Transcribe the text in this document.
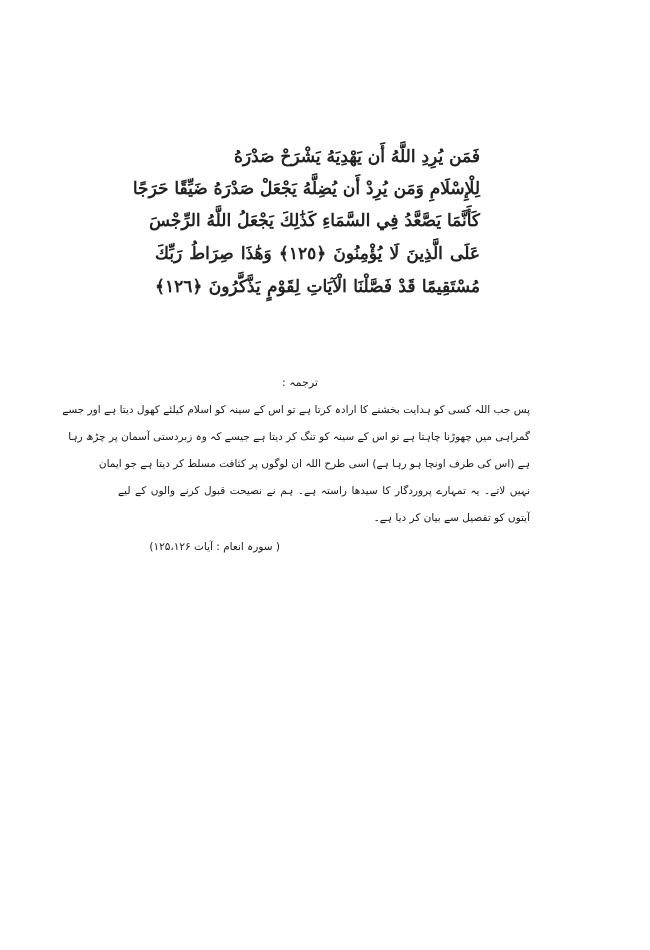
فَمَن يُرِدِ اللَّهُ أَن يَهْدِيَهُ يَشْرَحْ صَدْرَهُ
لِلْإِسْلَامِ وَمَن يُرِدْ أَن يُضِلَّهُ يَجْعَلْ صَدْرَهُ ضَيِّقًا حَرَجًا
كَأَنَّمَا يَصَّعَّدُ فِي السَّمَاءِ كَذَٰلِكَ يَجْعَلُ اللَّهُ الرِّجْسَ
عَلَى الَّذِينَ لَا يُؤْمِنُونَ ﴿١٢٥﴾ وَهَٰذَا صِرَاطُ رَبِّكَ
مُسْتَقِيمًا قَدْ فَصَّلْنَا الْآيَاتِ لِقَوْمٍ يَذَّكَّرُونَ ﴿١٢٦﴾
ترجمہ :
پس جب اللہ کسی کو ہدایت بخشنے کا ارادہ کرتا ہے تو اس کے سینہ کو اسلام کیلئے کھول دیتا ہے اور جسے
گمراہی میں چھوڑنا چاہتا ہے تو اس کے سینہ کو تنگ کر دیتا ہے جیسے کہ وہ زبردستی آسمان پر چڑھ رہا
ہے (اس کی طرف اونچا ہو رہا ہے) اسی طرح اللہ ان لوگوں پر کثافت مسلط کر دیتا ہے جو ایمان
نہیں لاتے۔ یہ تمہارے پروردگار کا سیدھا راستہ ہے۔ ہم نے نصیحت قبول کرنے والوں کے لیے
آیتوں کو تفصیل سے بیان کر دیا ہے۔
( سورہ انعام : آیات ۱۲۵،۱۲۶)
